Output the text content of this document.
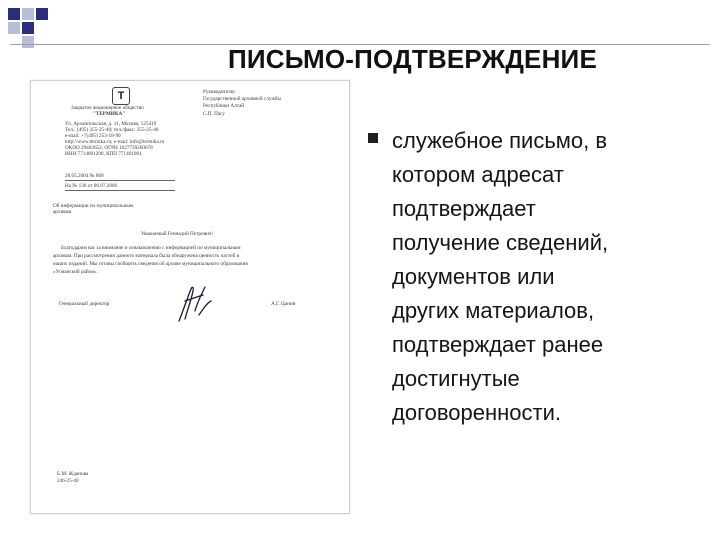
ПИСЬМО-ПОДТВЕРЖДЕНИЕ
Т
Закрытое акционерное общество
"ТЕРМИКА"
Ул. Архангельская, д. 11, Москва, 125419
Тел.: (495) 355-25-40; тел./факс: 355-25-46
e-mail: +7(495) 253-18-90
http://www.termika.ru; e-mail: info@termika.ru
ОКПО 29403652, ОГРН 1027739260678
ИНН 7714001290, КПП 771401001
Руководителю
Государственной архивной службы
Республики Алтай
С.П. Пасу
28.05.2004 № 808
На № 136 от 06.07.2006
Об информации по муниципальным
архивам
Уважаемый Геннадий Петрович!
Благодарим вас за внимание и ознакомлению с информацией по муниципальным
архивам. При рассмотрении данного материала была обнаружена ценность частей и
наших изданий. Мы готовы сообщить сведения об архиве муниципального образования
«Усманский район».
Генеральный директор	А.Г. Цанин
Е.М. Жданова
246-25-40
служебное письмо, в
котором адресат
подтверждает
получение сведений,
документов или
других материалов,
подтверждает ранее
достигнутые
договоренности.
